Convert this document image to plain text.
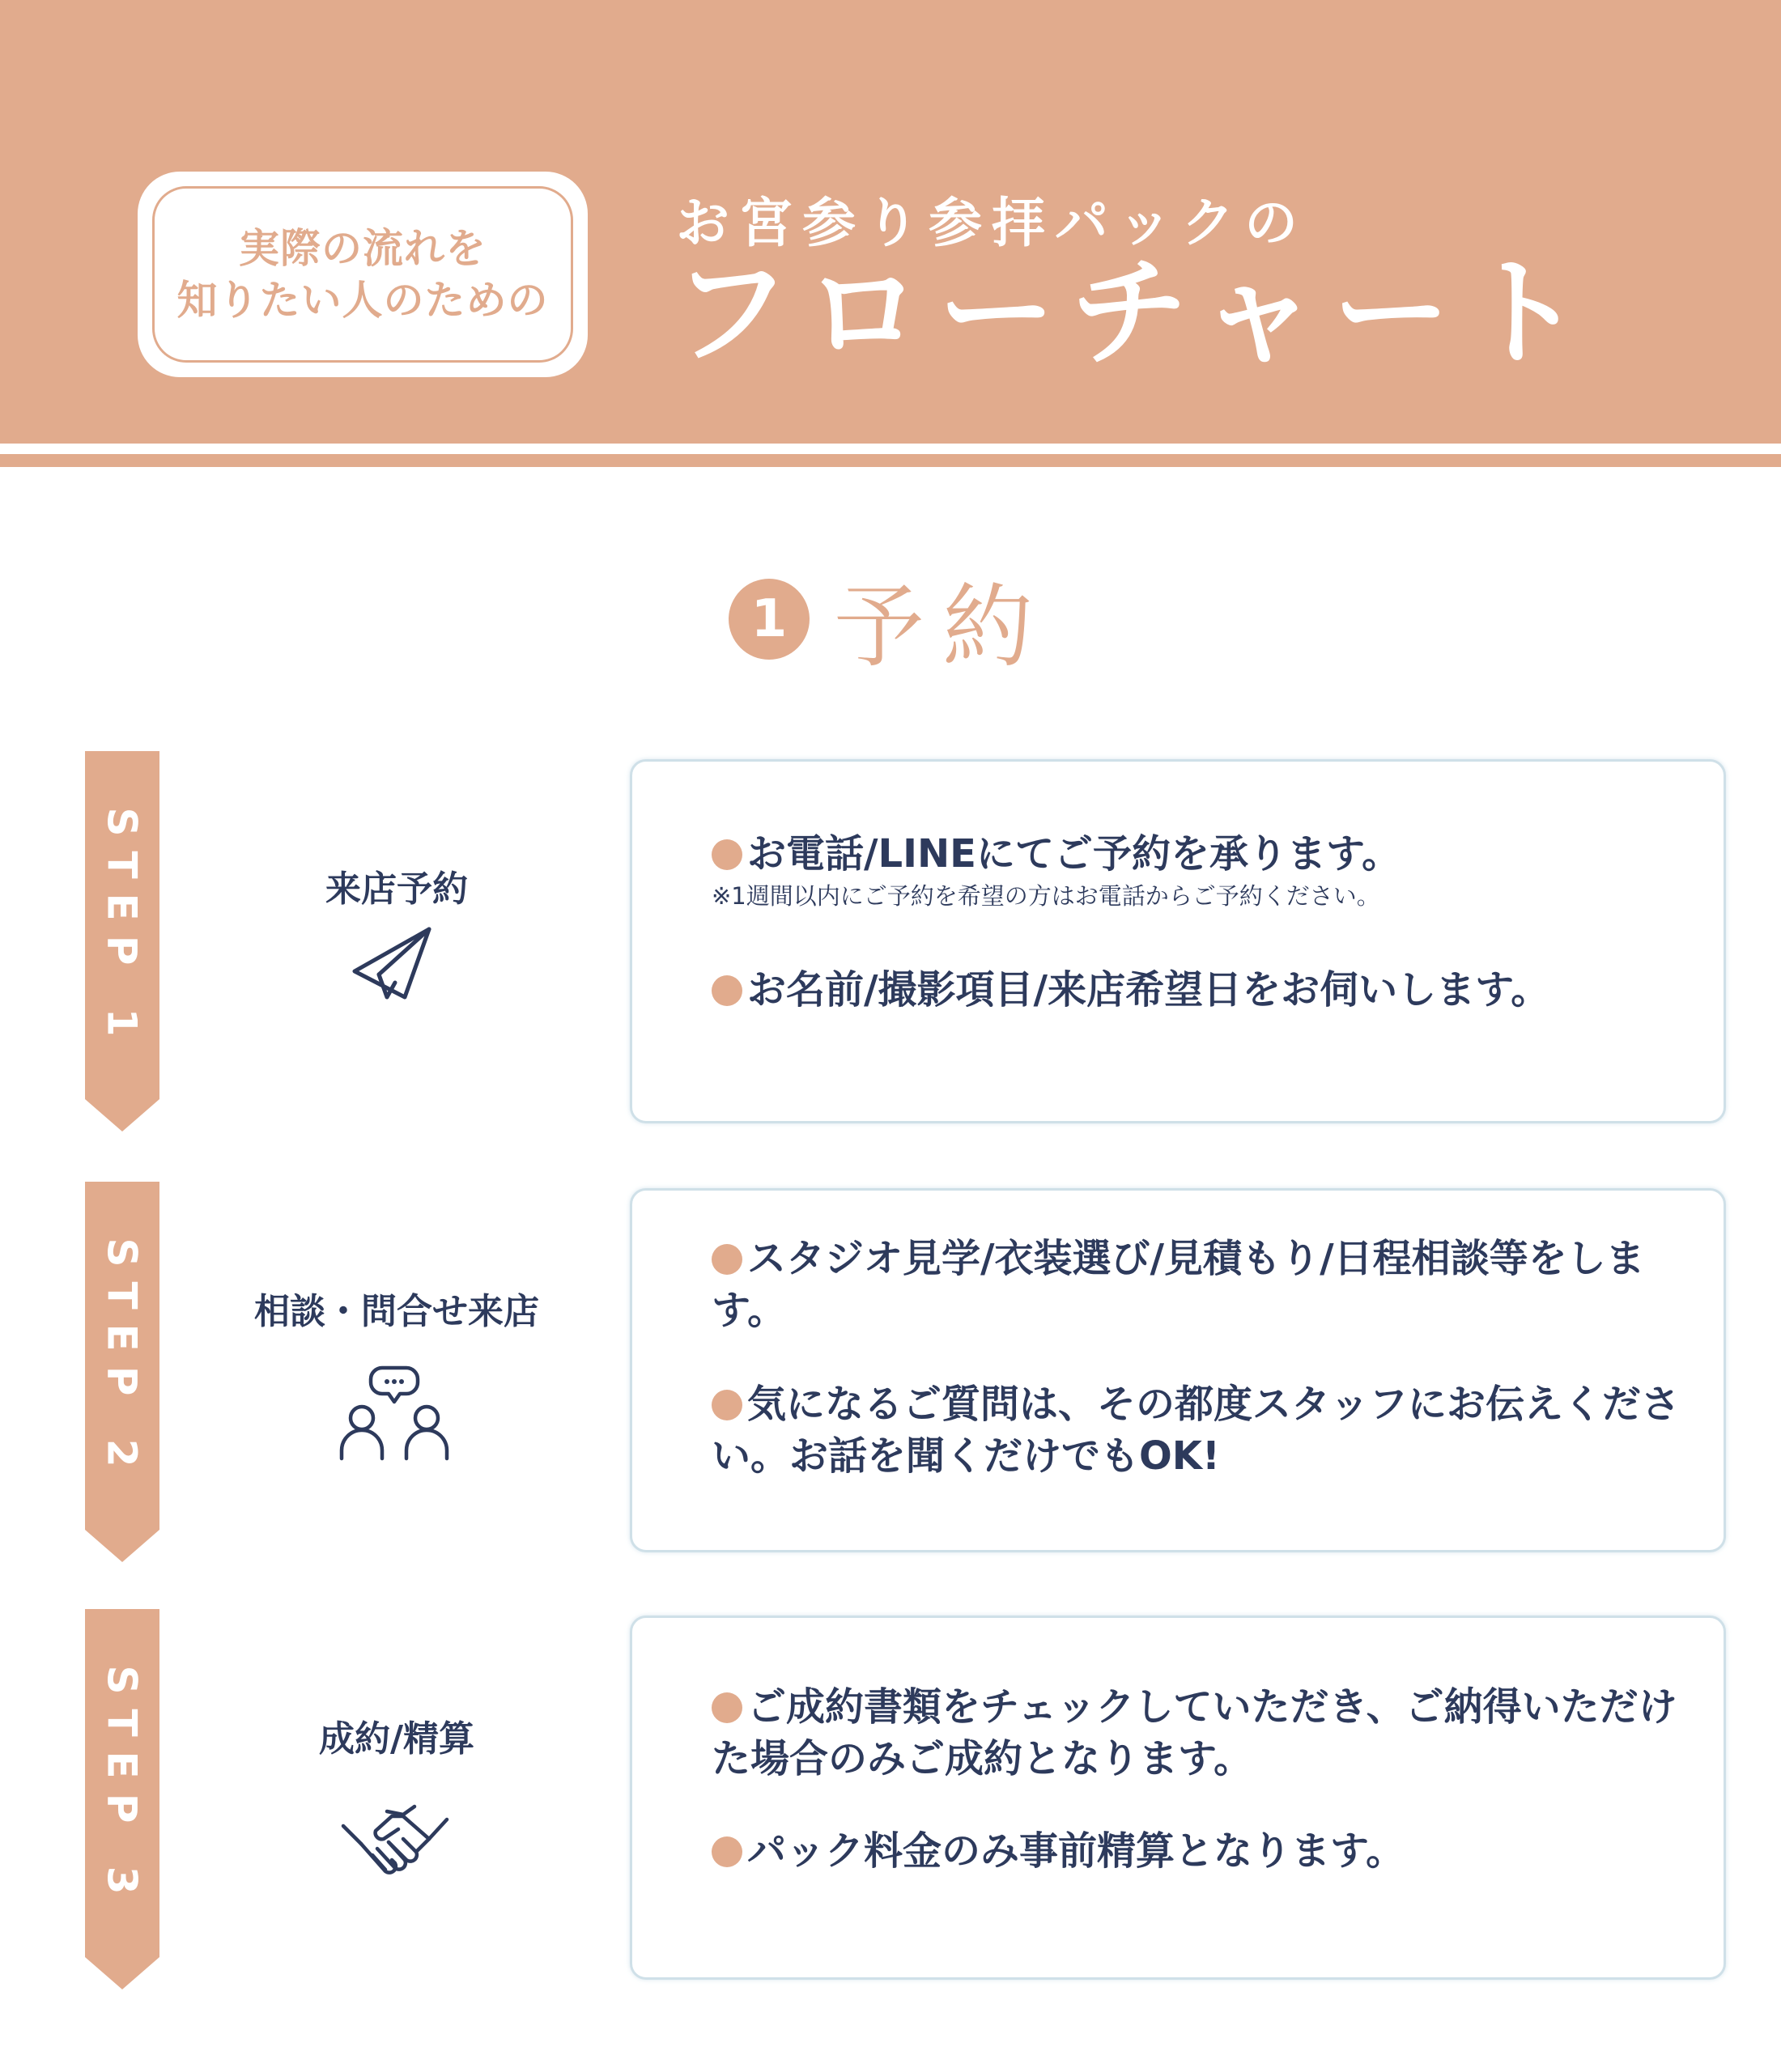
実際の流れを
知りたい人のための
お宮参り参拝パックの
フローチャート
1 予約
STEP 1	来店予約
お電話/LINEにてご予約を承ります。
※1週間以内にご予約を希望の方はお電話からご予約ください。
お名前/撮影項目/来店希望日をお伺いします。
STEP 2	相談・問合せ来店
スタジオ見学/衣装選び/見積もり/日程相談等をします。
気になるご質問は、その都度スタッフにお伝えください。お話を聞くだけでもOK!
STEP 3	成約/精算
ご成約書類をチェックしていただき、ご納得いただけた場合のみご成約となります。
パック料金のみ事前精算となります。
